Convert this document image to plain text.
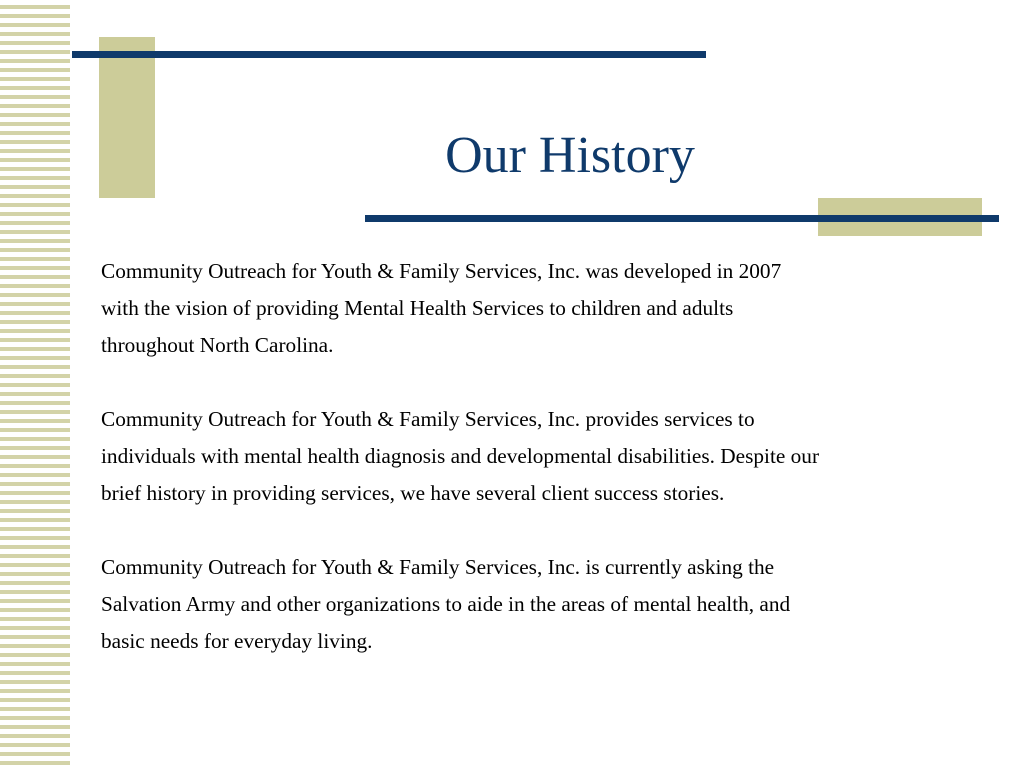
Our History

Community Outreach for Youth & Family Services, Inc. was developed in 2007
with the vision of providing Mental Health Services to children and adults
throughout North Carolina.

Community Outreach for Youth & Family Services, Inc. provides services to
individuals with mental health diagnosis and developmental disabilities. Despite our
brief history in providing services, we have several client success stories.

Community Outreach for Youth & Family Services, Inc. is currently asking the
Salvation Army and other organizations to aide in the areas of mental health, and
basic needs for everyday living.
